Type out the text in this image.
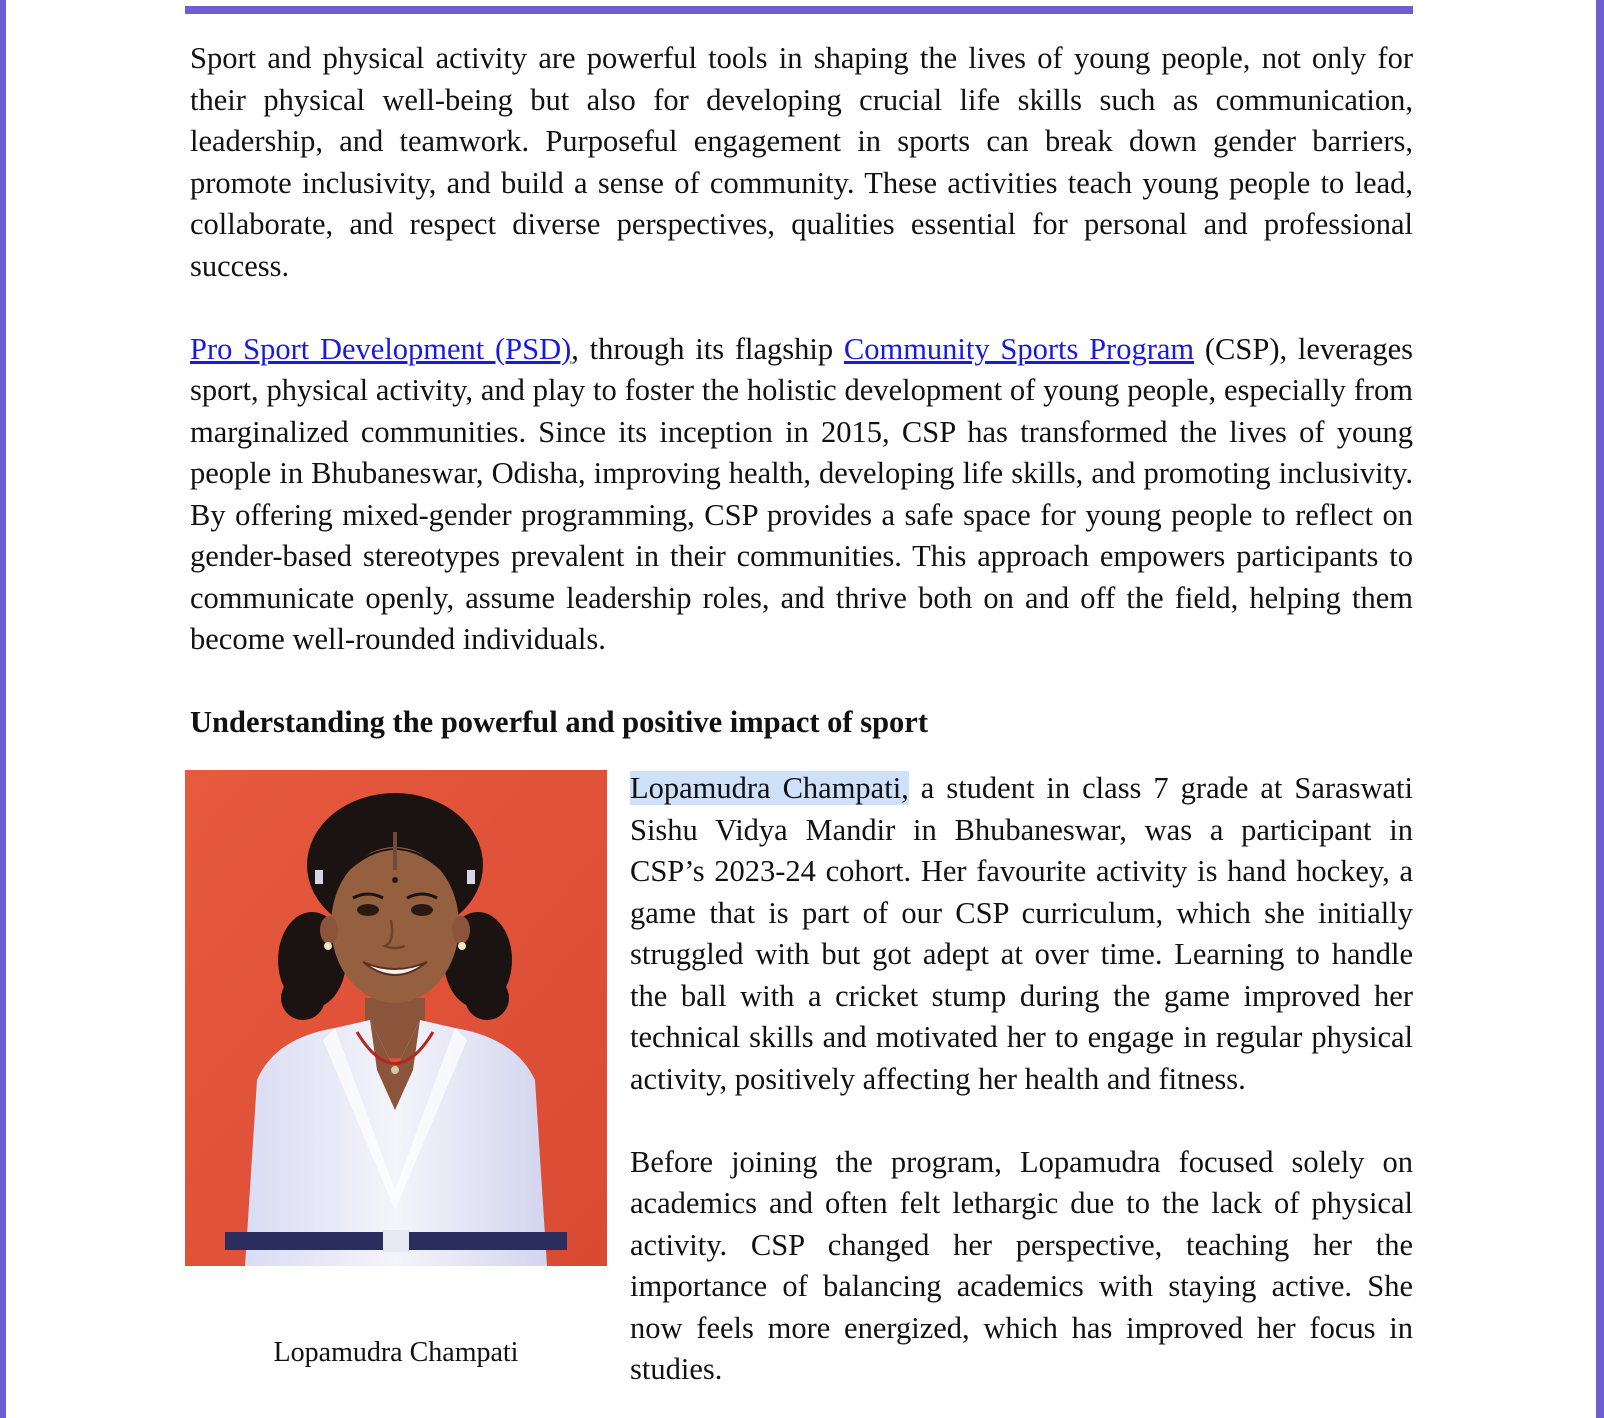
Sport and physical activity are powerful tools in shaping the lives of young people, not only for their physical well-being but also for developing crucial life skills such as communication, leadership, and teamwork. Purposeful engagement in sports can break down gender barriers, promote inclusivity, and build a sense of community. These activities teach young people to lead, collaborate, and respect diverse perspectives, qualities essential for personal and professional success.

Pro Sport Development (PSD), through its flagship Community Sports Program (CSP), leverages sport, physical activity, and play to foster the holistic development of young people, especially from marginalized communities. Since its inception in 2015, CSP has transformed the lives of young people in Bhubaneswar, Odisha, improving health, developing life skills, and promoting inclusivity. By offering mixed-gender programming, CSP provides a safe space for young people to reflect on gender-based stereotypes prevalent in their communities. This approach empowers participants to communicate openly, assume leadership roles, and thrive both on and off the field, helping them become well-rounded individuals.

Understanding the powerful and positive impact of sport
Lopamudra Champati

Lopamudra Champati, a student in class 7 grade at Saraswati Sishu Vidya Mandir in Bhubaneswar, was a participant in CSP’s 2023-24 cohort. Her favourite activity is hand hockey, a game that is part of our CSP curriculum, which she initially struggled with but got adept at over time. Learning to handle the ball with a cricket stump during the game improved her technical skills and motivated her to engage in regular physical activity, positively affecting her health and fitness.

Before joining the program, Lopamudra focused solely on academics and often felt lethargic due to the lack of physical activity. CSP changed her perspective, teaching her the importance of balancing academics with staying active. She now feels more energized, which has improved her focus in studies.
